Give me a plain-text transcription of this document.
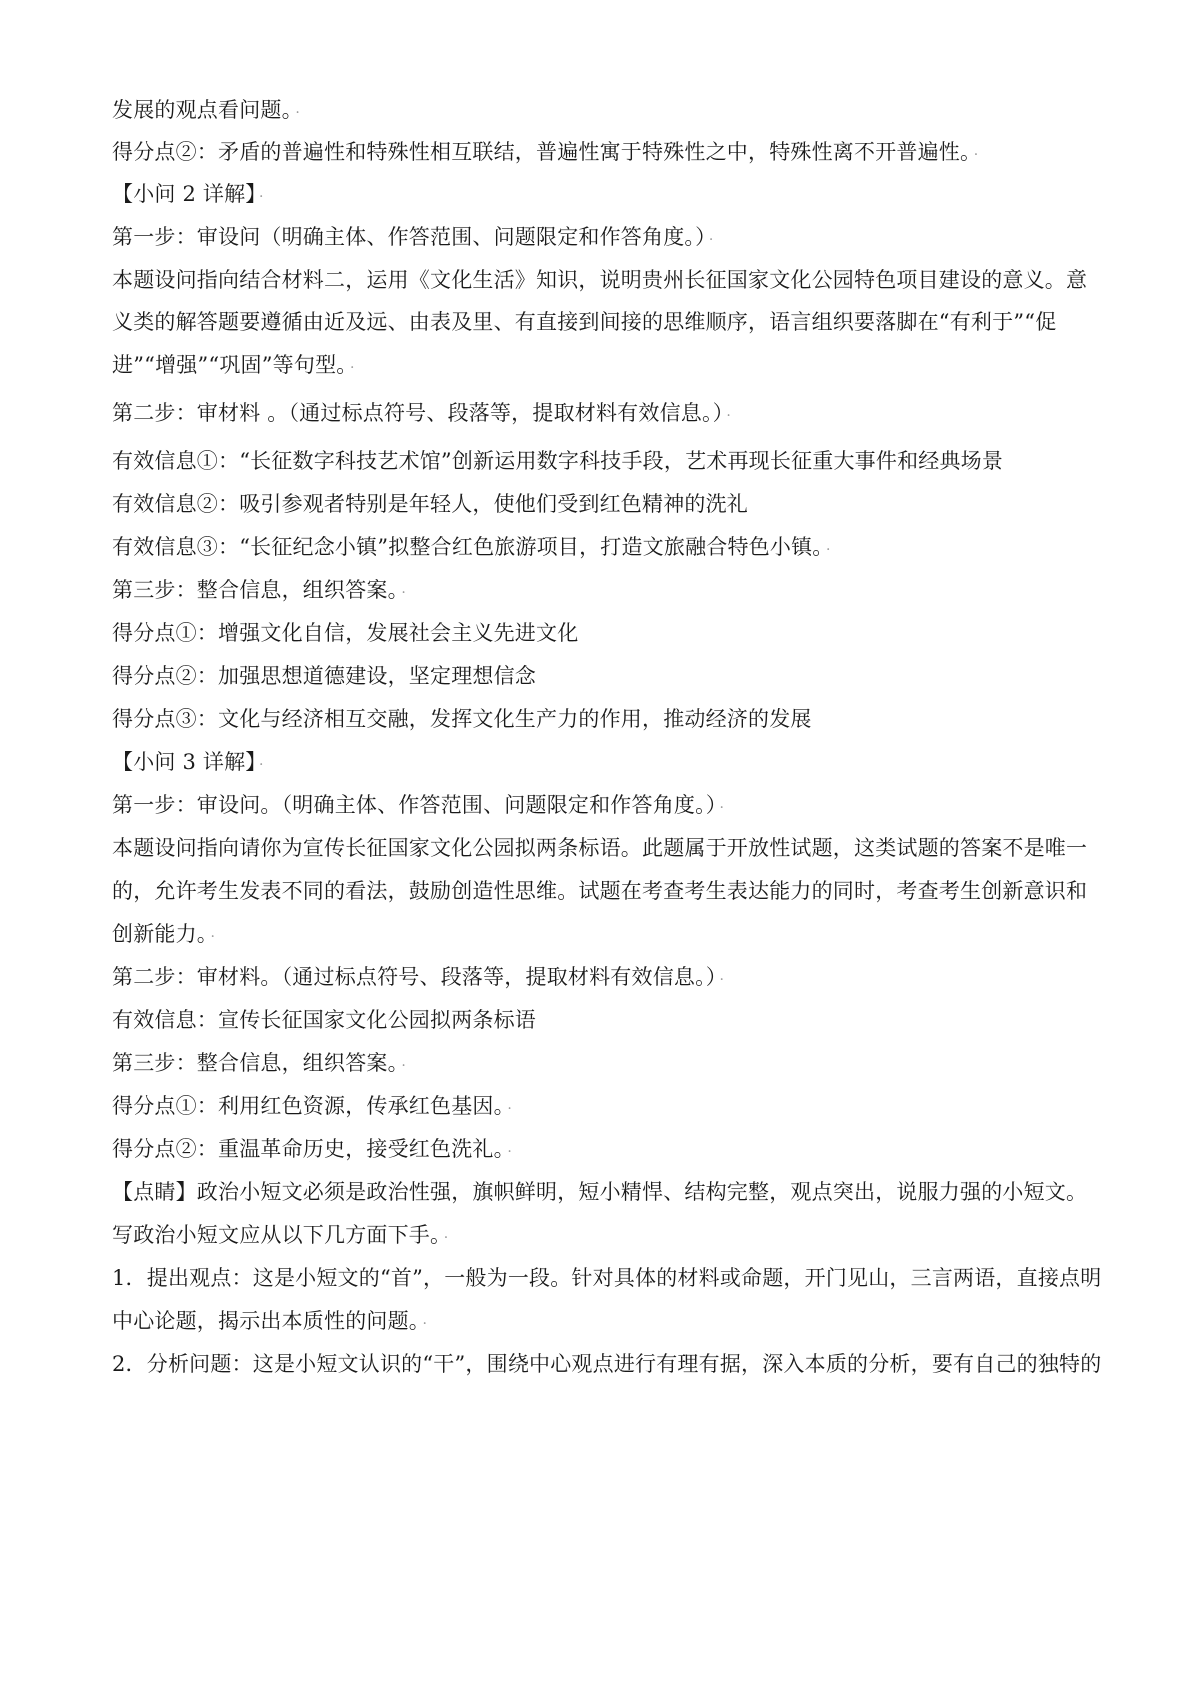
发展的观点看问题。 ·
得分点②：矛盾的普遍性和特殊性相互联结，普遍性寓于特殊性之中，特殊性离不开普遍性。 ·
【小问 2 详解】 ·
第一步：审设问（明确主体、作答范围、问题限定和作答角度。） ·
本题设问指向结合材料二，运用《文化生活》知识，说明贵州长征国家文化公园特色项目建设的意义。意
义类的解答题要遵循由近及远、由表及里、有直接到间接的思维顺序，语言组织要落脚在“有利于”“促
进”“增强”“巩固”等句型。 ·
第二步：审材料 。（通过标点符号、段落等，提取材料有效信息。） ·
有效信息①：“长征数字科技艺术馆”创新运用数字科技手段，艺术再现长征重大事件和经典场景
有效信息②：吸引参观者特别是年轻人，使他们受到红色精神的洗礼
有效信息③：“长征纪念小镇”拟整合红色旅游项目，打造文旅融合特色小镇。 ·
第三步：整合信息，组织答案。 ·
得分点①：增强文化自信，发展社会主义先进文化
得分点②：加强思想道德建设，坚定理想信念
得分点③：文化与经济相互交融，发挥文化生产力的作用，推动经济的发展
【小问 3 详解】 ·
第一步：审设问。（明确主体、作答范围、问题限定和作答角度。） ·
本题设问指向请你为宣传长征国家文化公园拟两条标语。此题属于开放性试题，这类试题的答案不是唯一
的，允许考生发表不同的看法，鼓励创造性思维。试题在考查考生表达能力的同时，考查考生创新意识和
创新能力。 ·
第二步：审材料。（通过标点符号、段落等，提取材料有效信息。） ·
有效信息：宣传长征国家文化公园拟两条标语
第三步：整合信息，组织答案。 ·
得分点①：利用红色资源，传承红色基因。 ·
得分点②：重温革命历史，接受红色洗礼。 ·
【点睛】政治小短文必须是政治性强，旗帜鲜明，短小精悍、结构完整，观点突出，说服力强的小短文。
写政治小短文应从以下几方面下手。 ·
1．提出观点：这是小短文的“首”，一般为一段。针对具体的材料或命题，开门见山，三言两语，直接点明
中心论题，揭示出本质性的问题。 ·
2．分析问题：这是小短文认识的“干”，围绕中心观点进行有理有据，深入本质的分析，要有自己的独特的
